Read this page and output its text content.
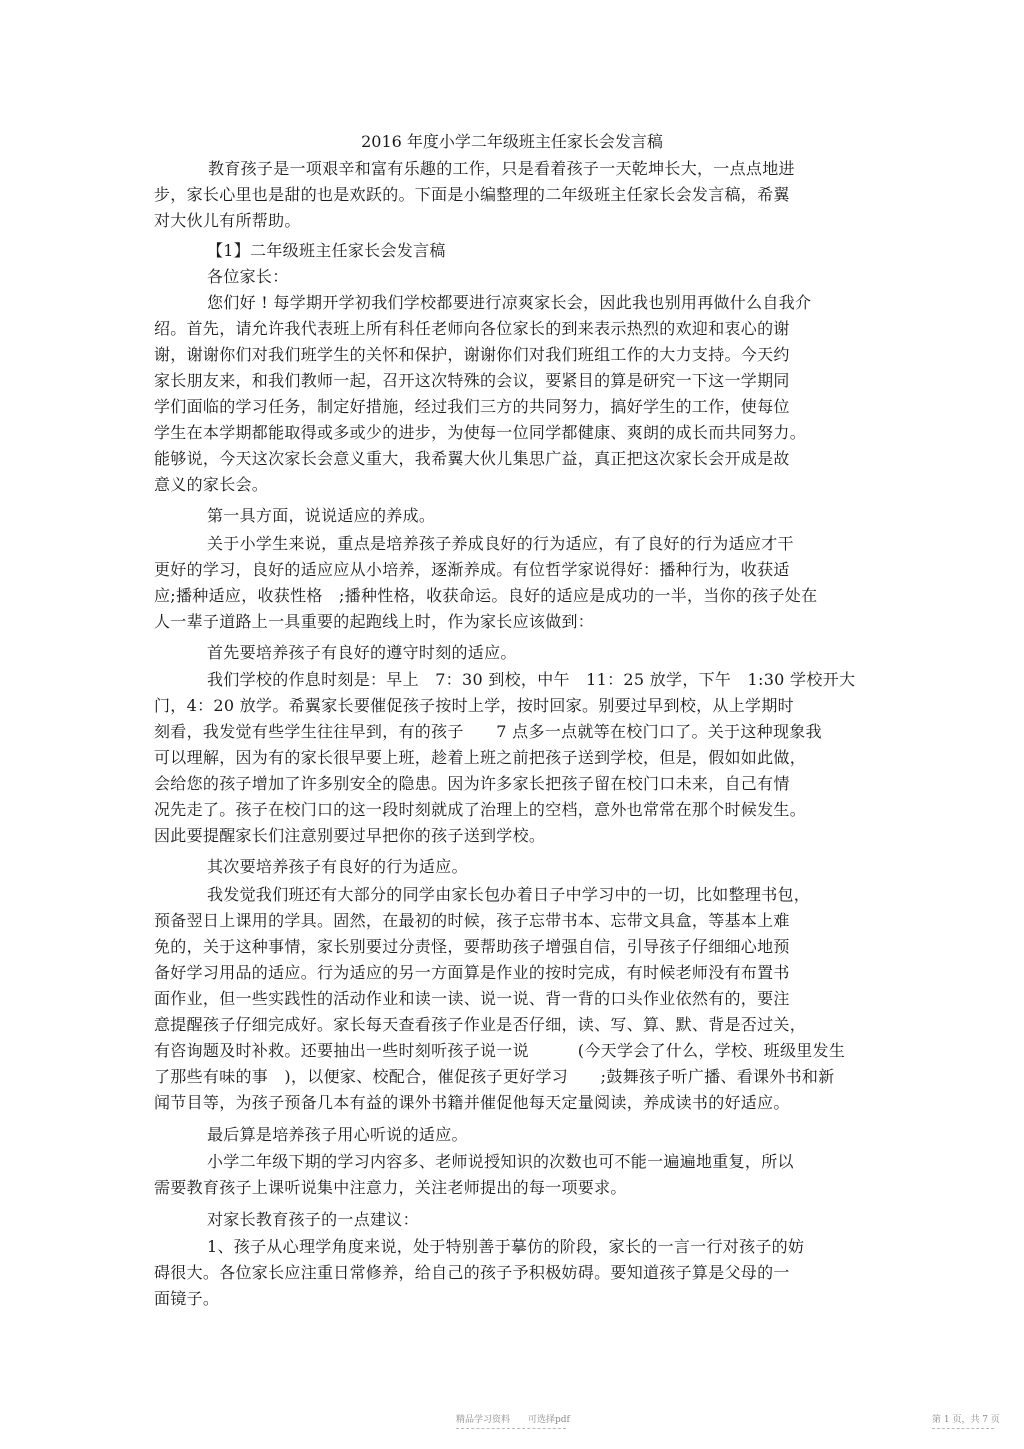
2016 年度小学二年级班主任家长会发言稿
教育孩子是一项艰辛和富有乐趣的工作，只是看着孩子一天乾坤长大，一点点地进
步，家长心里也是甜的也是欢跃的。下面是小编整理的二年级班主任家长会发言稿，希翼
对大伙儿有所帮助。
【1】二年级班主任家长会发言稿
各位家长：
您们好 ! 每学期开学初我们学校都要进行凉爽家长会，因此我也别用再做什么自我介
绍。首先，请允许我代表班上所有科任老师向各位家长的到来表示热烈的欢迎和衷心的谢
谢，谢谢你们对我们班学生的关怀和保护，谢谢你们对我们班组工作的大力支持。今天约
家长朋友来，和我们教师一起，召开这次特殊的会议，要紧目的算是研究一下这一学期同
学们面临的学习任务，制定好措施，经过我们三方的共同努力，搞好学生的工作，使每位
学生在本学期都能取得或多或少的进步，为使每一位同学都健康、爽朗的成长而共同努力。
能够说，今天这次家长会意义重大，我希翼大伙儿集思广益，真正把这次家长会开成是故
意义的家长会。
第一具方面，说说适应的养成。
关于小学生来说，重点是培养孩子养成良好的行为适应，有了良好的行为适应才干
更好的学习，良好的适应应从小培养，逐渐养成。有位哲学家说得好：播种行为，收获适
应;播种适应，收获性格　;播种性格，收获命运。良好的适应是成功的一半，当你的孩子处在
人一辈子道路上一具重要的起跑线上时，作为家长应该做到：
首先要培养孩子有良好的遵守时刻的适应。
我们学校的作息时刻是：早上　7：30 到校，中午　11：25 放学，下午　1:30 学校开大
门，4：20 放学。希翼家长要催促孩子按时上学，按时回家。别要过早到校，从上学期时
刻看，我发觉有些学生往往早到，有的孩子　　7 点多一点就等在校门口了。关于这种现象我
可以理解，因为有的家长很早要上班，趁着上班之前把孩子送到学校，但是，假如如此做，
会给您的孩子增加了许多别安全的隐患。因为许多家长把孩子留在校门口未来，自己有情
况先走了。孩子在校门口的这一段时刻就成了治理上的空档，意外也常常在那个时候发生。
因此要提醒家长们注意别要过早把你的孩子送到学校。
其次要培养孩子有良好的行为适应。
我发觉我们班还有大部分的同学由家长包办着日子中学习中的一切，比如整理书包，
预备翌日上课用的学具。固然，在最初的时候，孩子忘带书本、忘带文具盒，等基本上难
免的，关于这种事情，家长别要过分责怪，要帮助孩子增强自信，引导孩子仔细细心地预
备好学习用品的适应。行为适应的另一方面算是作业的按时完成，有时候老师没有布置书
面作业，但一些实践性的活动作业和读一读、说一说、背一背的口头作业依然有的，要注
意提醒孩子仔细完成好。家长每天查看孩子作业是否仔细，读、写、算、默、背是否过关，
有咨询题及时补救。还要抽出一些时刻听孩子说一说　　　(今天学会了什么，学校、班级里发生
了那些有味的事　)，以便家、校配合，催促孩子更好学习　　;鼓舞孩子听广播、看课外书和新
闻节目等，为孩子预备几本有益的课外书籍并催促他每天定量阅读，养成读书的好适应。
最后算是培养孩子用心听说的适应。
小学二年级下期的学习内容多、老师说授知识的次数也可不能一遍遍地重复，所以
需要教育孩子上课听说集中注意力，关注老师提出的每一项要求。
对家长教育孩子的一点建议：
1、孩子从心理学角度来说，处于特别善于摹仿的阶段，家长的一言一行对孩子的妨
碍很大。各位家长应注重日常修养，给自己的孩子予积极妨碍。要知道孩子算是父母的一
面镜子。
精品学习资料　　可选择pdf	第 1 页，共 7 页
